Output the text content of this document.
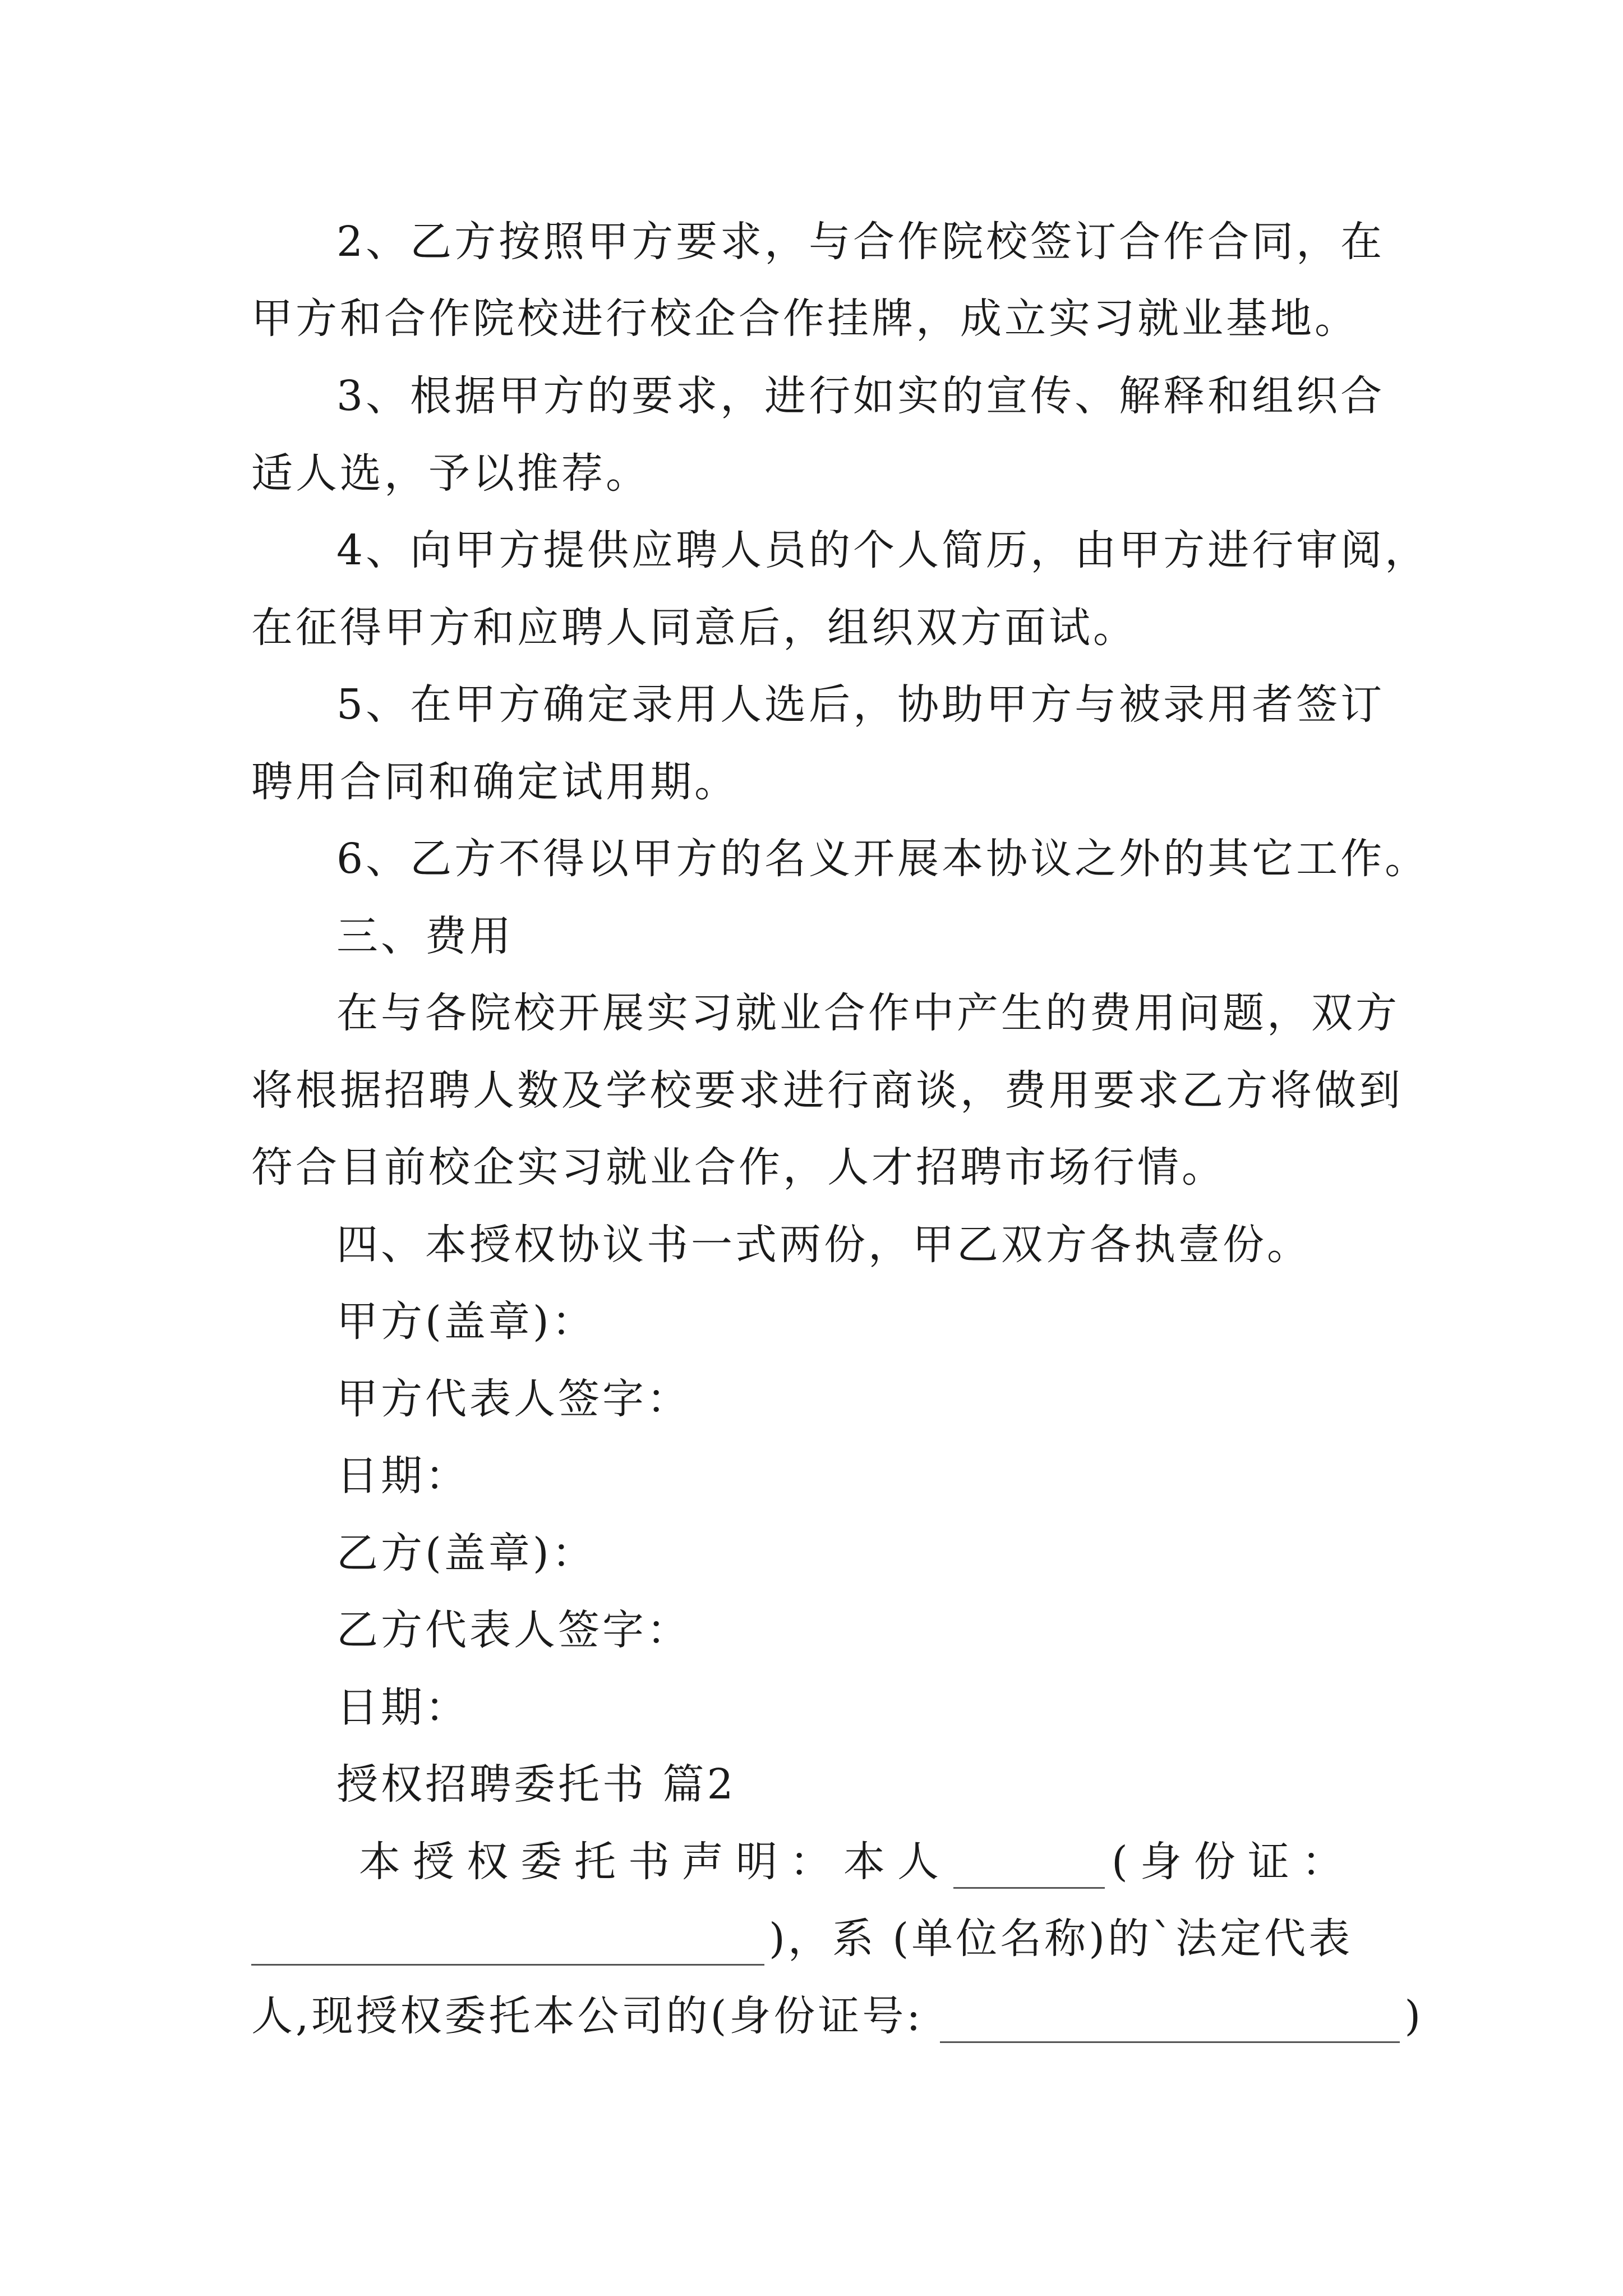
2、乙方按照甲方要求，与合作院校签订合作合同，在
甲方和合作院校进行校企合作挂牌，成立实习就业基地。
3、根据甲方的要求，进行如实的宣传、解释和组织合
适人选，予以推荐。
4、向甲方提供应聘人员的个人简历，由甲方进行审阅，
在征得甲方和应聘人同意后，组织双方面试。
5、在甲方确定录用人选后，协助甲方与被录用者签订
聘用合同和确定试用期。
6、乙方不得以甲方的名义开展本协议之外的其它工作。
三、费用
在与各院校开展实习就业合作中产生的费用问题，双方
将根据招聘人数及学校要求进行商谈，费用要求乙方将做到
符合目前校企实习就业合作，人才招聘市场行情。
四、本授权协议书一式两份，甲乙双方各执壹份。
甲方(盖章)：
甲方代表人签字：
日期：
乙方(盖章)：
乙方代表人签字：
日期：
授权招聘委托书 篇2
本授权委托书声明：本人	(身份证：
)，系 (单位名称)的`法定代表
人,现授权委托本公司的(身份证号:	)
